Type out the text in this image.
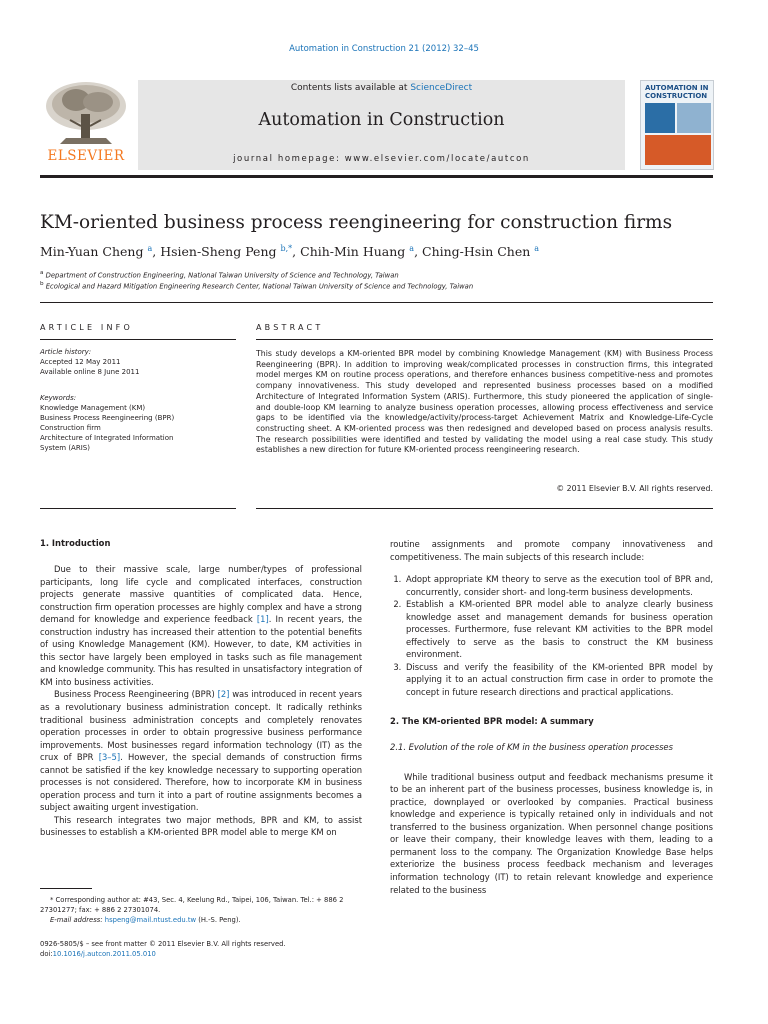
Automation in Construction 21 (2012) 32–45
ELSEVIER
Contents lists available at ScienceDirect
Automation in Construction
journal homepage: www.elsevier.com/locate/autcon
AUTOMATION IN
CONSTRUCTION
KM-oriented business process reengineering for construction firms
Min-Yuan Cheng $^a$, Hsien-Sheng Peng $^{b,*}$, Chih-Min Huang $^a$, Ching-Hsin Chen $^a$
$^a$ Department of Construction Engineering, National Taiwan University of Science and Technology, Taiwan
$^b$ Ecological and Hazard Mitigation Engineering Research Center, National Taiwan University of Science and Technology, Taiwan
ARTICLE INFO
Article history:
Accepted 12 May 2011
Available online 8 June 2011
Keywords:
Knowledge Management (KM)
Business Process Reengineering (BPR)
Construction firm
Architecture of Integrated Information
System (ARIS)
ABSTRACT
This study develops a KM-oriented BPR model by combining Knowledge Management (KM) with Business Process Reengineering (BPR). In addition to improving weak/complicated processes in construction firms, this integrated model merges KM on routine process operations, and therefore enhances business competitive-ness and promotes company innovativeness. This study developed and represented business processes based on a modified Architecture of Integrated Information System (ARIS). Furthermore, this study pioneered the application of single- and double-loop KM learning to analyze business operation processes, allowing process effectiveness and service gaps to be identified via the knowledge/activity/process-target Achievement Matrix and Knowledge-Life-Cycle constructing sheet. A KM-oriented process was then redesigned and developed based on process analysis results. The research possibilities were identified and tested by validating the model using a real case study. This study establishes a new direction for future KM-oriented process reengineering research.
© 2011 Elsevier B.V. All rights reserved.
1. Introduction

Due to their massive scale, large number/types of professional participants, long life cycle and complicated interfaces, construction projects generate massive quantities of complicated data. Hence, construction firm operation processes are highly complex and have a strong demand for knowledge and experience feedback [1]. In recent years, the construction industry has increased their attention to the potential benefits of using Knowledge Management (KM). However, to date, KM activities in this sector have largely been employed in tasks such as file management and knowledge community. This has resulted in unsatisfactory integration of KM into business activities.

Business Process Reengineering (BPR) [2] was introduced in recent years as a revolutionary business administration concept. It radically rethinks traditional business administration concepts and completely renovates operation processes in order to obtain progressive business performance improvements. Most businesses regard information technology (IT) as the crux of BPR [3–5]. However, the special demands of construction firms cannot be satisfied if the key knowledge necessary to supporting operation processes is not considered. Therefore, how to incorporate KM in business operation process and turn it into a part of routine assignments becomes a subject awaiting urgent investigation.

This research integrates two major methods, BPR and KM, to assist businesses to establish a KM-oriented BPR model able to merge KM on

* Corresponding author at: #43, Sec. 4, Keelung Rd., Taipei, 106, Taiwan. Tel.: + 886 2 27301277; fax: + 886 2 27301074.
E-mail address: hspeng@mail.ntust.edu.tw (H.-S. Peng).
0926-5805/$ – see front matter © 2011 Elsevier B.V. All rights reserved.
doi:10.1016/j.autcon.2011.05.010
routine assignments and promote company innovativeness and competitiveness. The main subjects of this research include:
1. Adopt appropriate KM theory to serve as the execution tool of BPR and, concurrently, consider short- and long-term business developments.
2. Establish a KM-oriented BPR model able to analyze clearly business knowledge asset and management demands for business operation processes. Furthermore, fuse relevant KM activities to the BPR model effectively to serve as the basis to construct the KM business environment.
3. Discuss and verify the feasibility of the KM-oriented BPR model by applying it to an actual construction firm case in order to promote the concept in future research directions and practical applications.
2. The KM-oriented BPR model: A summary
2.1. Evolution of the role of KM in the business operation processes

While traditional business output and feedback mechanisms presume it to be an inherent part of the business processes, business knowledge is, in practice, downplayed or overlooked by companies. Practical business knowledge and experience is typically retained only in individuals and not transferred to the business organization. When personnel change positions or leave their company, their knowledge leaves with them, leading to a permanent loss to the company. The Organization Knowledge Base helps exteriorize the business process feedback mechanism and leverages information technology (IT) to retain relevant knowledge and experience related to the business
